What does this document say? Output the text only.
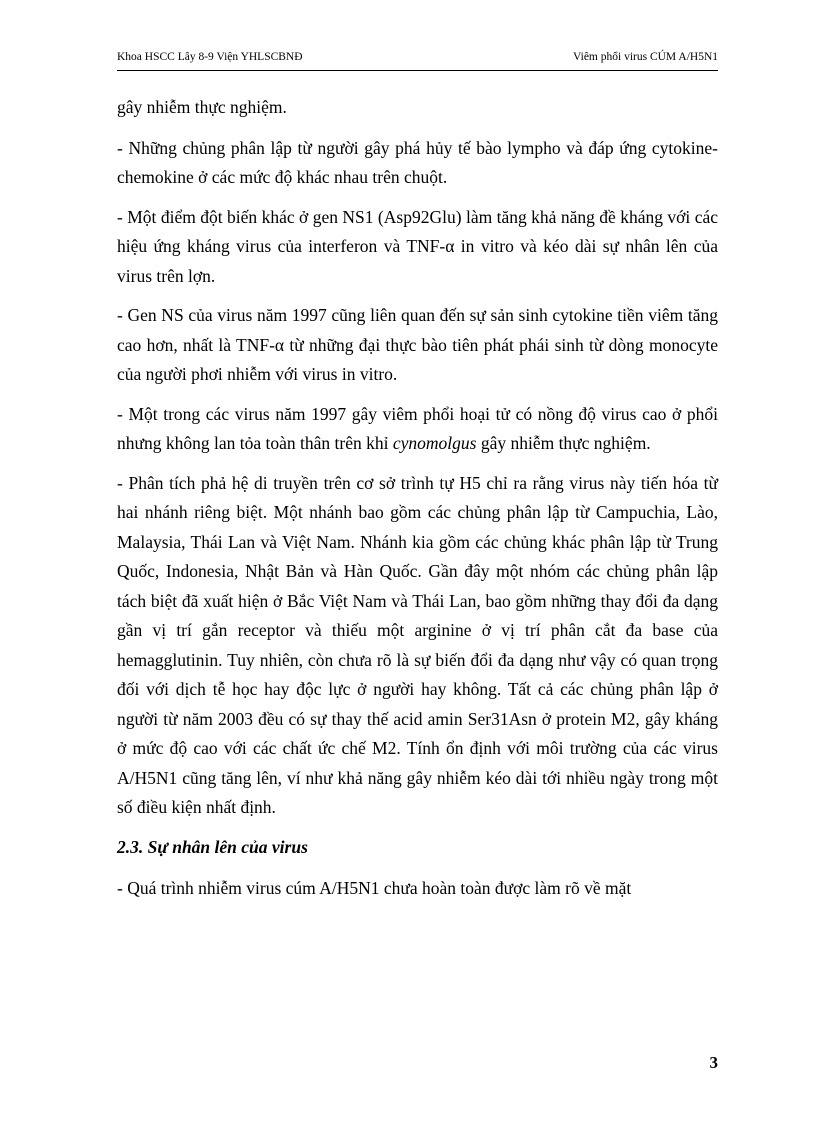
Khoa HSCC Lây 8-9 Viện YHLSCBNĐ	Viêm phổi virus CÚM A/H5N1

gây nhiễm thực nghiệm.

- Những chủng phân lập từ người gây phá hủy tế bào lympho và đáp ứng cytokine-chemokine ở các mức độ khác nhau trên chuột.

- Một điểm đột biến khác ở gen NS1 (Asp92Glu) làm tăng khả năng đề kháng với các hiệu ứng kháng virus của interferon và TNF-α in vitro và kéo dài sự nhân lên của virus trên lợn.

- Gen NS của virus năm 1997 cũng liên quan đến sự sản sinh cytokine tiền viêm tăng cao hơn, nhất là TNF-α từ những đại thực bào tiên phát phái sinh từ dòng monocyte của người phơi nhiễm với virus in vitro.

- Một trong các virus năm 1997 gây viêm phổi hoại tử có nồng độ virus cao ở phổi nhưng không lan tỏa toàn thân trên khỉ cynomolgus gây nhiễm thực nghiệm.

- Phân tích phả hệ di truyền trên cơ sở trình tự H5 chỉ ra rằng virus này tiến hóa từ hai nhánh riêng biệt. Một nhánh bao gồm các chủng phân lập từ Campuchia, Lào, Malaysia, Thái Lan và Việt Nam. Nhánh kia gồm các chủng khác phân lập từ Trung Quốc, Indonesia, Nhật Bản và Hàn Quốc. Gần đây một nhóm các chủng phân lập tách biệt đã xuất hiện ở Bắc Việt Nam và Thái Lan, bao gồm những thay đổi đa dạng gần vị trí gắn receptor và thiếu một arginine ở vị trí phân cắt đa base của hemagglutinin. Tuy nhiên, còn chưa rõ là sự biến đổi đa dạng như vậy có quan trọng đối với dịch tễ học hay độc lực ở người hay không. Tất cả các chủng phân lập ở người từ năm 2003 đều có sự thay thế acid amin Ser31Asn ở protein M2, gây kháng ở mức độ cao với các chất ức chế M2. Tính ổn định với môi trường của các virus A/H5N1 cũng tăng lên, ví như khả năng gây nhiễm kéo dài tới nhiều ngày trong một số điều kiện nhất định.

2.3. Sự nhân lên của virus

- Quá trình nhiễm virus cúm A/H5N1 chưa hoàn toàn được làm rõ về mặt

3
